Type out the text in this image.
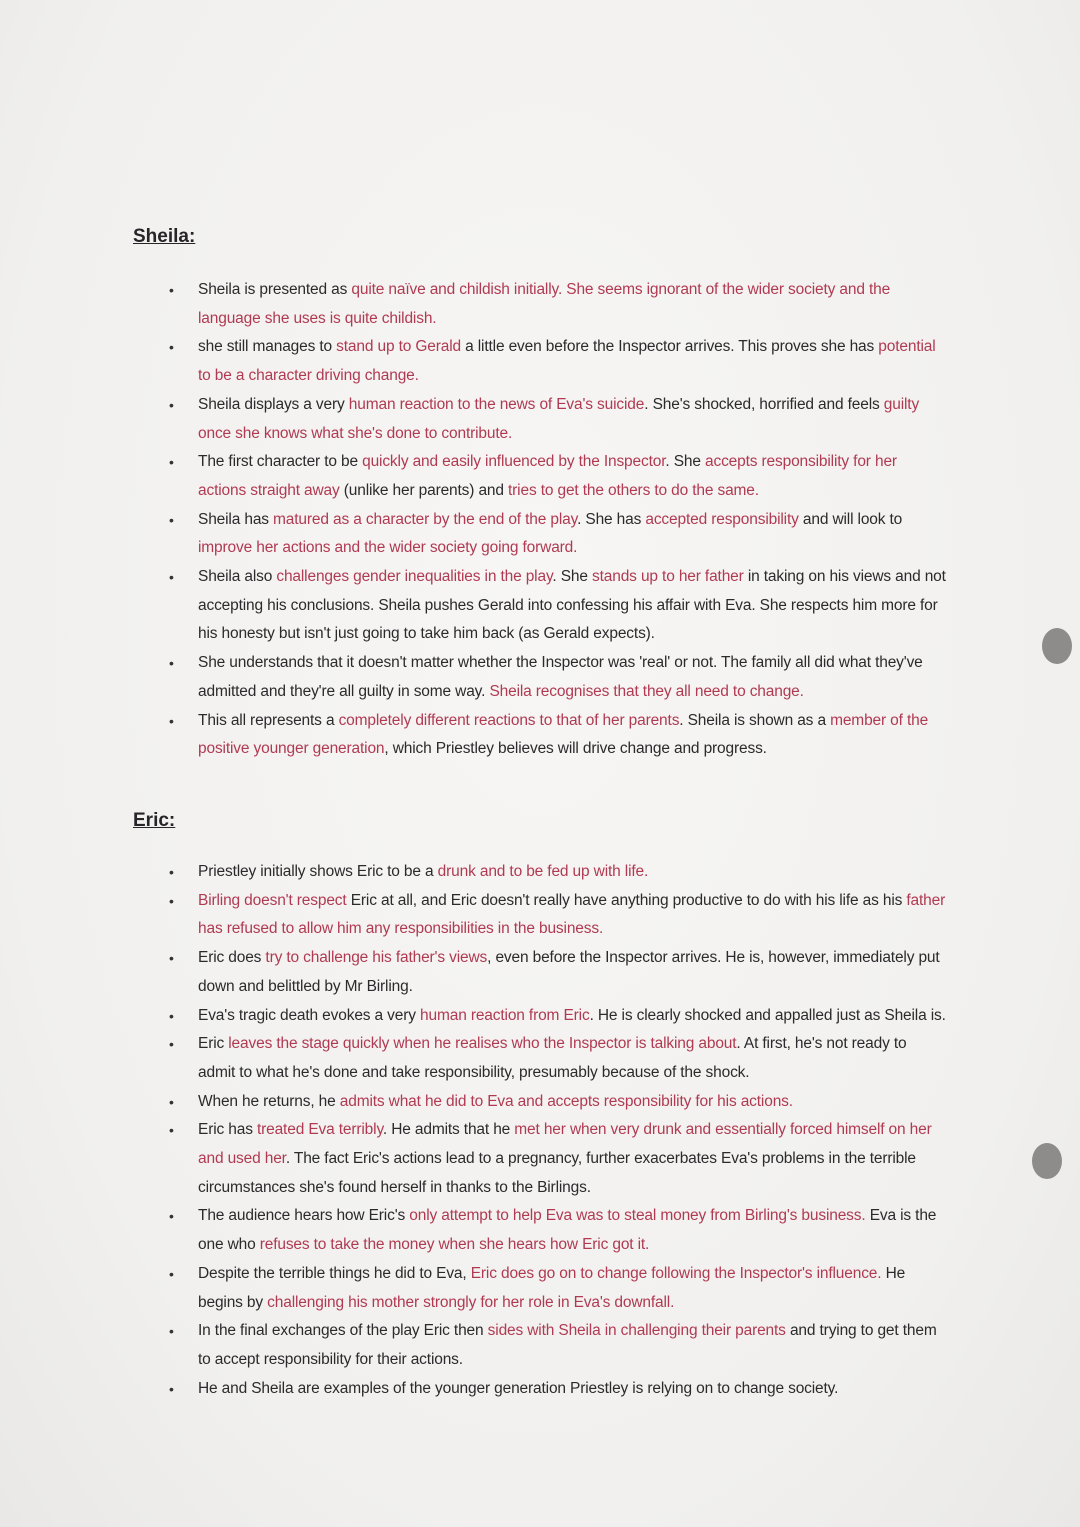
Sheila:
• Sheila is presented as quite naïve and childish initially. She seems ignorant of the wider society and the language she uses is quite childish.
• she still manages to stand up to Gerald a little even before the Inspector arrives. This proves she has potential to be a character driving change.
• Sheila displays a very human reaction to the news of Eva's suicide. She's shocked, horrified and feels guilty once she knows what she's done to contribute.
• The first character to be quickly and easily influenced by the Inspector. She accepts responsibility for her actions straight away (unlike her parents) and tries to get the others to do the same.
• Sheila has matured as a character by the end of the play. She has accepted responsibility and will look to improve her actions and the wider society going forward.
• Sheila also challenges gender inequalities in the play. She stands up to her father in taking on his views and not accepting his conclusions. Sheila pushes Gerald into confessing his affair with Eva. She respects him more for his honesty but isn't just going to take him back (as Gerald expects).
• She understands that it doesn't matter whether the Inspector was 'real' or not. The family all did what they've admitted and they're all guilty in some way. Sheila recognises that they all need to change.
• This all represents a completely different reactions to that of her parents. Sheila is shown as a member of the positive younger generation, which Priestley believes will drive change and progress.
Eric:
• Priestley initially shows Eric to be a drunk and to be fed up with life.
• Birling doesn't respect Eric at all, and Eric doesn't really have anything productive to do with his life as his father has refused to allow him any responsibilities in the business.
• Eric does try to challenge his father's views, even before the Inspector arrives. He is, however, immediately put down and belittled by Mr Birling.
• Eva's tragic death evokes a very human reaction from Eric. He is clearly shocked and appalled just as Sheila is.
• Eric leaves the stage quickly when he realises who the Inspector is talking about. At first, he's not ready to admit to what he's done and take responsibility, presumably because of the shock.
• When he returns, he admits what he did to Eva and accepts responsibility for his actions.
• Eric has treated Eva terribly. He admits that he met her when very drunk and essentially forced himself on her and used her. The fact Eric's actions lead to a pregnancy, further exacerbates Eva's problems in the terrible circumstances she's found herself in thanks to the Birlings.
• The audience hears how Eric's only attempt to help Eva was to steal money from Birling's business. Eva is the one who refuses to take the money when she hears how Eric got it.
• Despite the terrible things he did to Eva, Eric does go on to change following the Inspector's influence. He begins by challenging his mother strongly for her role in Eva's downfall.
• In the final exchanges of the play Eric then sides with Sheila in challenging their parents and trying to get them to accept responsibility for their actions.
• He and Sheila are examples of the younger generation Priestley is relying on to change society.
